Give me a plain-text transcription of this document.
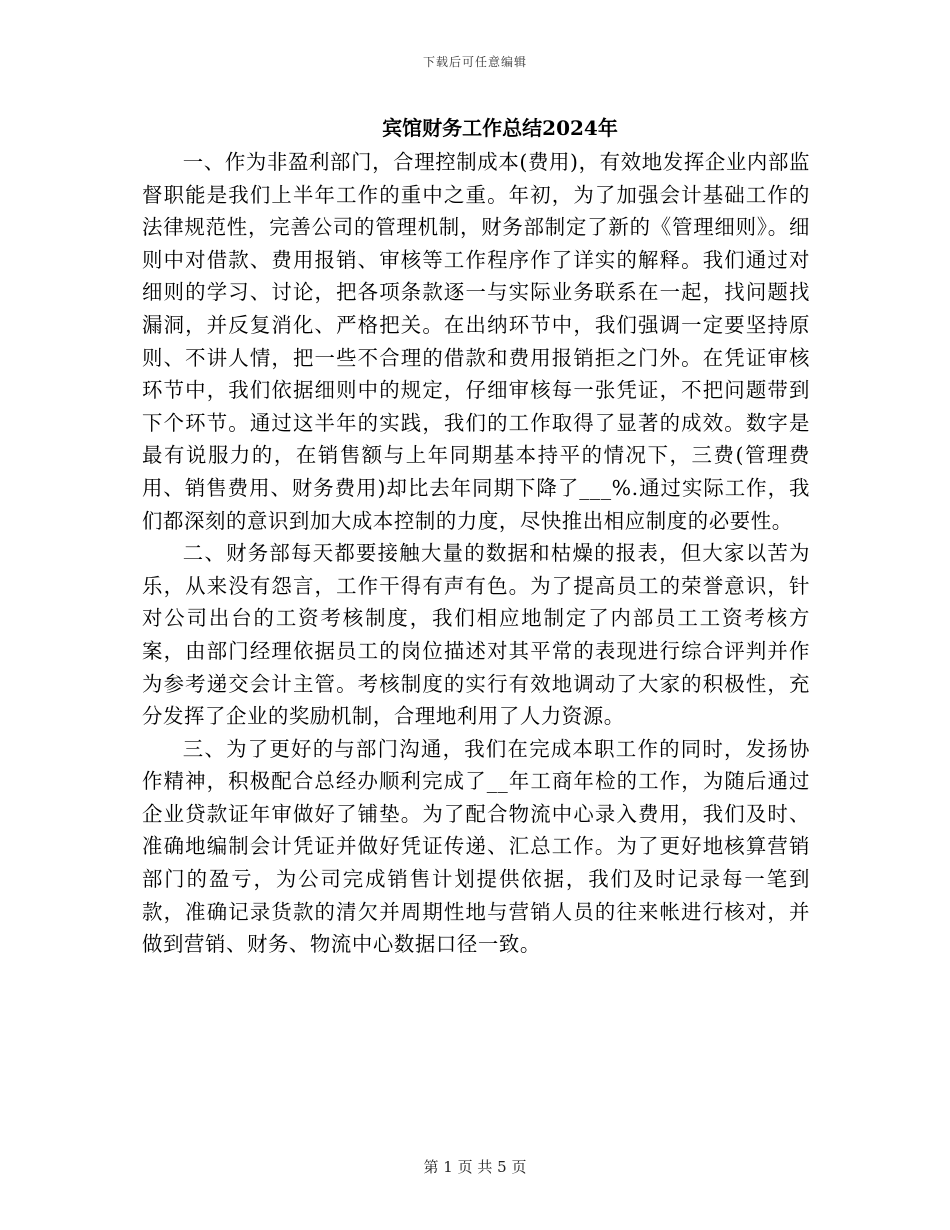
下载后可任意编辑
宾馆财务工作总结2024年

一、作为非盈利部门，合理控制成本(费用)，有效地发挥企业内部监督职能是我们上半年工作的重中之重。年初，为了加强会计基础工作的法律规范性，完善公司的管理机制，财务部制定了新的《管理细则》。细则中对借款、费用报销、审核等工作程序作了详实的解释。我们通过对细则的学习、讨论，把各项条款逐一与实际业务联系在一起，找问题找漏洞，并反复消化、严格把关。在出纳环节中，我们强调一定要坚持原则、不讲人情，把一些不合理的借款和费用报销拒之门外。在凭证审核环节中，我们依据细则中的规定，仔细审核每一张凭证，不把问题带到下个环节。通过这半年的实践，我们的工作取得了显著的成效。数字是最有说服力的，在销售额与上年同期基本持平的情况下，三费(管理费用、销售费用、财务费用)却比去年同期下降了___%.通过实际工作，我们都深刻的意识到加大成本控制的力度，尽快推出相应制度的必要性。

二、财务部每天都要接触大量的数据和枯燥的报表，但大家以苦为乐，从来没有怨言，工作干得有声有色。为了提高员工的荣誉意识，针对公司出台的工资考核制度，我们相应地制定了内部员工工资考核方案，由部门经理依据员工的岗位描述对其平常的表现进行综合评判并作为参考递交会计主管。考核制度的实行有效地调动了大家的积极性，充分发挥了企业的奖励机制，合理地利用了人力资源。

三、为了更好的与部门沟通，我们在完成本职工作的同时，发扬协作精神，积极配合总经办顺利完成了__年工商年检的工作，为随后通过企业贷款证年审做好了铺垫。为了配合物流中心录入费用，我们及时、准确地编制会计凭证并做好凭证传递、汇总工作。为了更好地核算营销部门的盈亏，为公司完成销售计划提供依据，我们及时记录每一笔到款，准确记录货款的清欠并周期性地与营销人员的往来帐进行核对，并做到营销、财务、物流中心数据口径一致。

第 1 页 共 5 页
